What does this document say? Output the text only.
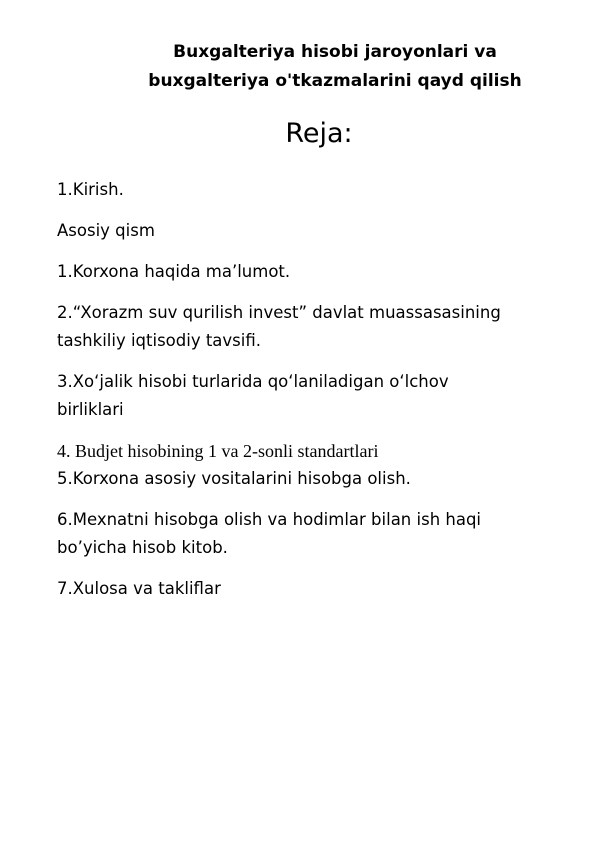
Buxgalteriya hisobi jaroyonlari va
buxgalteriya o'tkazmalarini qayd qilish
Reja:

1.Kirish.

Asosiy qism

1.Korxona haqida ma’lumot.

2.“Xorazm suv qurilish invest” davlat muassasasining

tashkiliy iqtisodiy tavsifi.

3.Xoʻjalik hisobi turlarida qoʻlaniladigan oʻlchov

birliklari

4. Budjet hisobining 1 va 2-sonli standartlari

5.Korxona asosiy vositalarini hisobga olish.

6.Mexnatni hisobga olish va hodimlar bilan ish haqi

bo’yicha hisob kitob.

7.Xulosa va takliflar
